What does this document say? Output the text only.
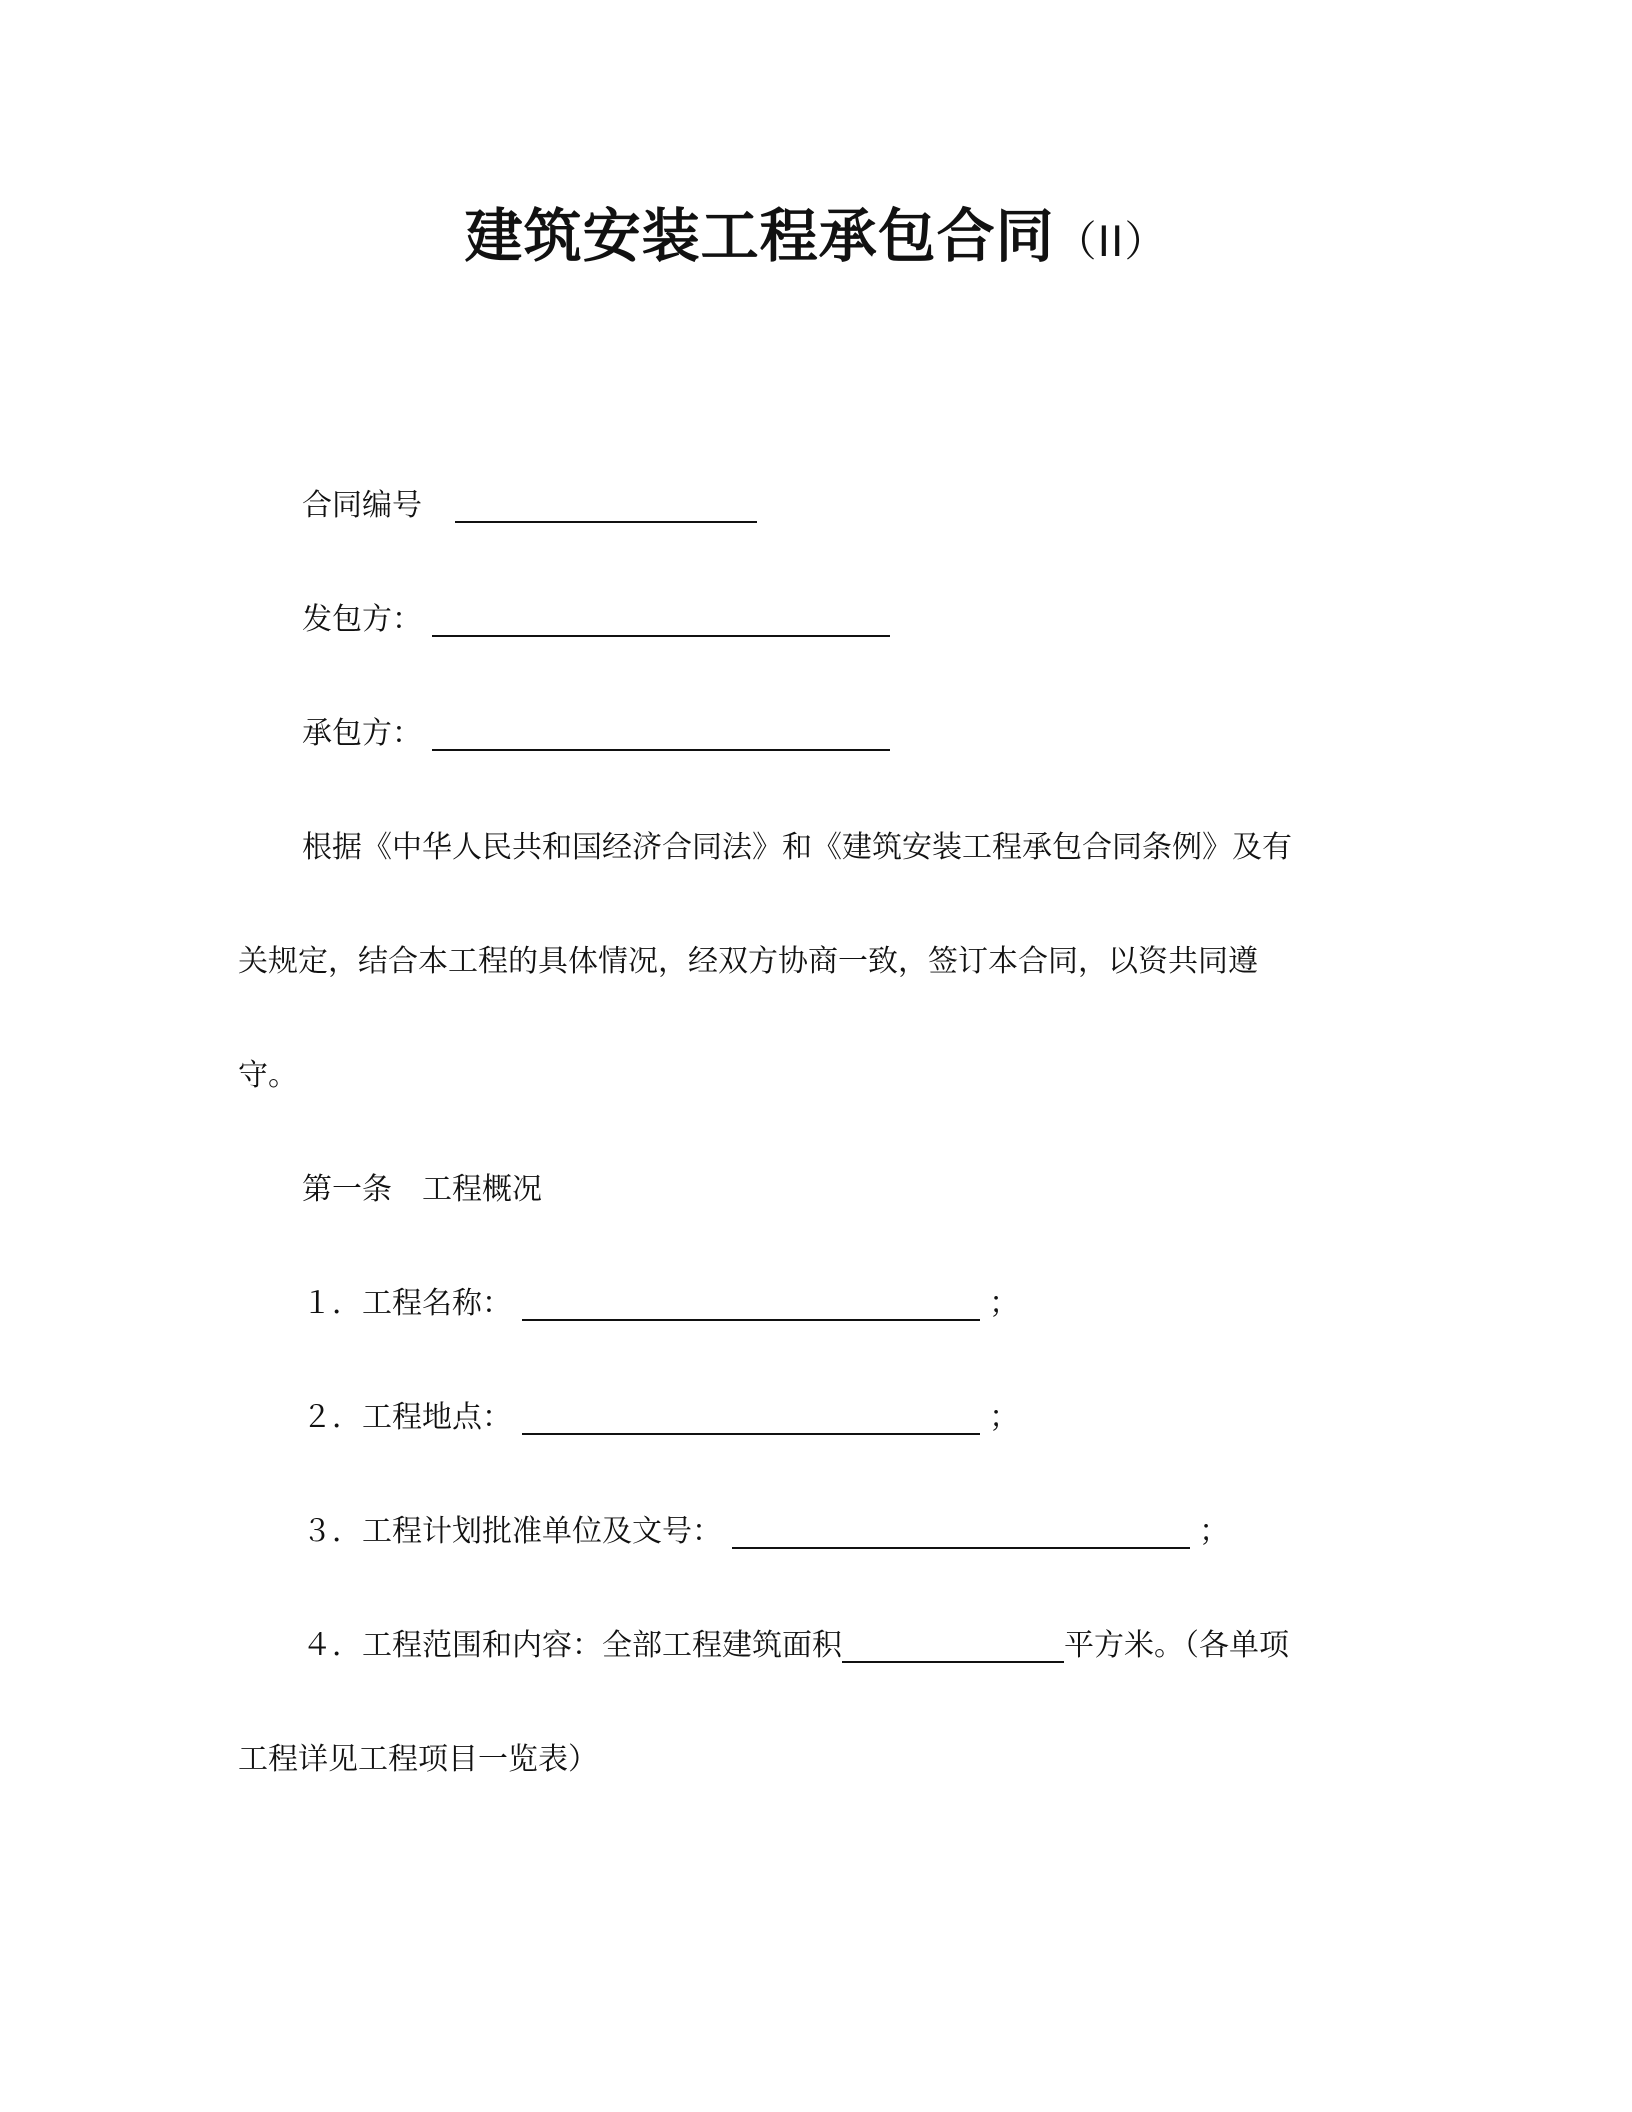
建筑安装工程承包合同（II）
合同编号
发包方：
承包方：
根据《中华人民共和国经济合同法》和《建筑安装工程承包合同条例》及有
关规定，结合本工程的具体情况，经双方协商一致，签订本合同，以资共同遵
守。
第一条　工程概况
１．工程名称：	；
２．工程地点：	；
３．工程计划批准单位及文号：	；
４．工程范围和内容：全部工程建筑面积	平方米。（各单项
工程详见工程项目一览表）
